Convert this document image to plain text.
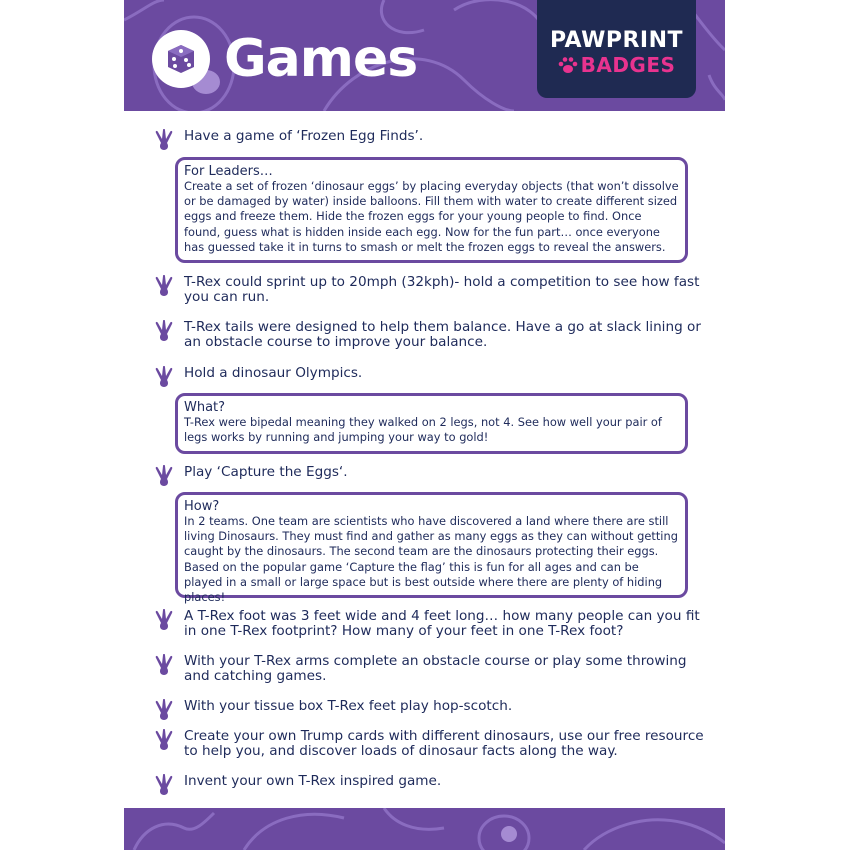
Games	PAWPRINT
BADGES
Have a game of ‘Frozen Egg Finds’.
For Leaders…
Create a set of frozen ‘dinosaur eggs’ by placing everyday objects (that won’t dissolve or be damaged by water) inside balloons. Fill them with water to create different sized eggs and freeze them. Hide the frozen eggs for your young people to find. Once found, guess what is hidden inside each egg. Now for the fun part… once everyone has guessed take it in turns to smash or melt the frozen eggs to reveal the answers.
T-Rex could sprint up to 20mph (32kph)- hold a competition to see how fast you can run.
T-Rex tails were designed to help them balance. Have a go at slack lining or an obstacle course to improve your balance.
Hold a dinosaur Olympics.
What?
T-Rex were bipedal meaning they walked on 2 legs, not 4. See how well your pair of legs works by running and jumping your way to gold!
Play ‘Capture the Eggs‘.
How?
In 2 teams. One team are scientists who have discovered a land where there are still living Dinosaurs. They must find and gather as many eggs as they can without getting caught by the dinosaurs. The second team are the dinosaurs protecting their eggs. Based on the popular game ‘Capture the flag’ this is fun for all ages and can be played in a small or large space but is best outside where there are plenty of hiding places!
A T-Rex foot was 3 feet wide and 4 feet long… how many people can you fit in one T-Rex footprint? How many of your feet in one T-Rex foot?
With your T-Rex arms complete an obstacle course or play some throwing and catching games.
With your tissue box T-Rex feet play hop-scotch.
Create your own Trump cards with different dinosaurs, use our free resource to help you, and discover loads of dinosaur facts along the way.
Invent your own T-Rex inspired game.
